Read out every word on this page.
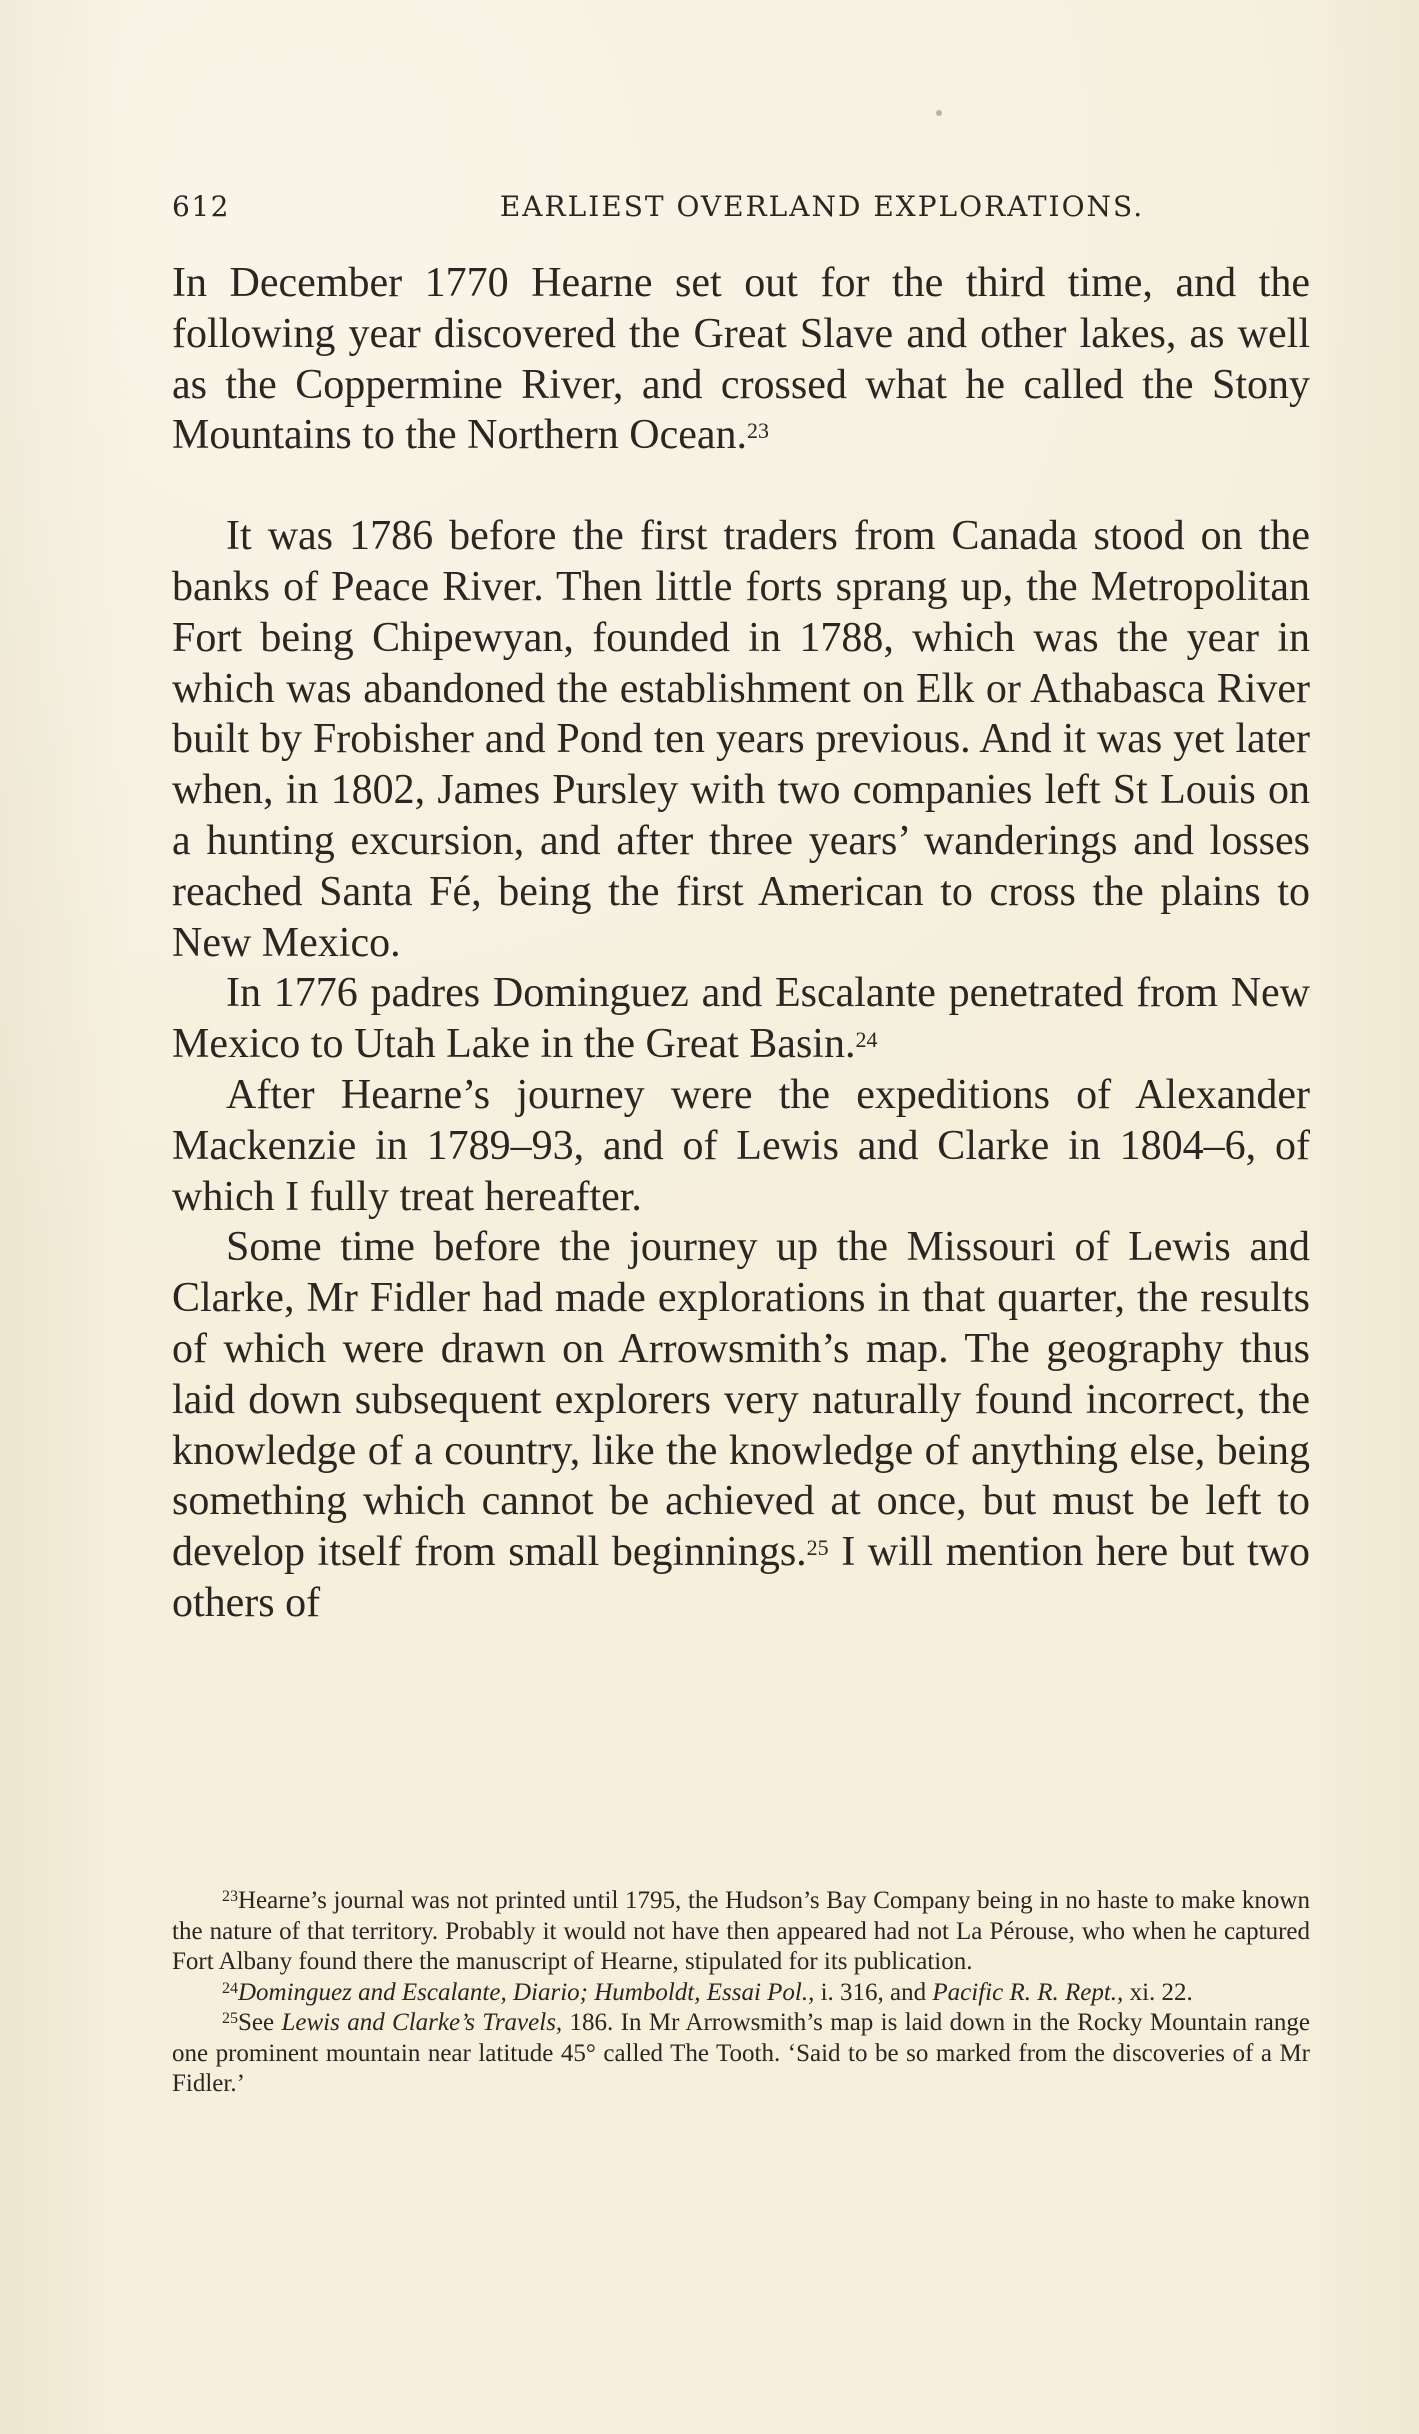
612	EARLIEST OVERLAND EXPLORATIONS.

In December 1770 Hearne set out for the third time, and the following year discovered the Great Slave and other lakes, as well as the Coppermine River, and crossed what he called the Stony Mountains to the Northern Ocean.$^{23}$

It was 1786 before the first traders from Canada stood on the banks of Peace River. Then little forts sprang up, the Metropolitan Fort being Chipewyan, founded in 1788, which was the year in which was abandoned the establishment on Elk or Athabasca River built by Frobisher and Pond ten years previous. And it was yet later when, in 1802, James Pursley with two companies left St Louis on a hunting excursion, and after three years’ wanderings and losses reached Santa Fé, being the first American to cross the plains to New Mexico.

In 1776 padres Dominguez and Escalante penetrated from New Mexico to Utah Lake in the Great Basin.$^{24}$

After Hearne’s journey were the expeditions of Alexander Mackenzie in 1789–93, and of Lewis and Clarke in 1804–6, of which I fully treat hereafter.

Some time before the journey up the Missouri of Lewis and Clarke, Mr Fidler had made explorations in that quarter, the results of which were drawn on Arrowsmith’s map. The geography thus laid down subsequent explorers very naturally found incorrect, the knowledge of a country, like the knowledge of anything else, being something which cannot be achieved at once, but must be left to develop itself from small beginnings.$^{25}$ I will mention here but two others of

$^{23}$Hearne’s journal was not printed until 1795, the Hudson’s Bay Company being in no haste to make known the nature of that territory. Probably it would not have then appeared had not La Pérouse, who when he captured Fort Albany found there the manuscript of Hearne, stipulated for its publication.

$^{24}$Dominguez and Escalante, Diario; Humboldt, Essai Pol., i. 316, and Pacific R. R. Rept., xi. 22.

$^{25}$See Lewis and Clarke’s Travels, 186. In Mr Arrowsmith’s map is laid down in the Rocky Mountain range one prominent mountain near latitude 45° called The Tooth. ‘Said to be so marked from the discoveries of a Mr Fidler.’
